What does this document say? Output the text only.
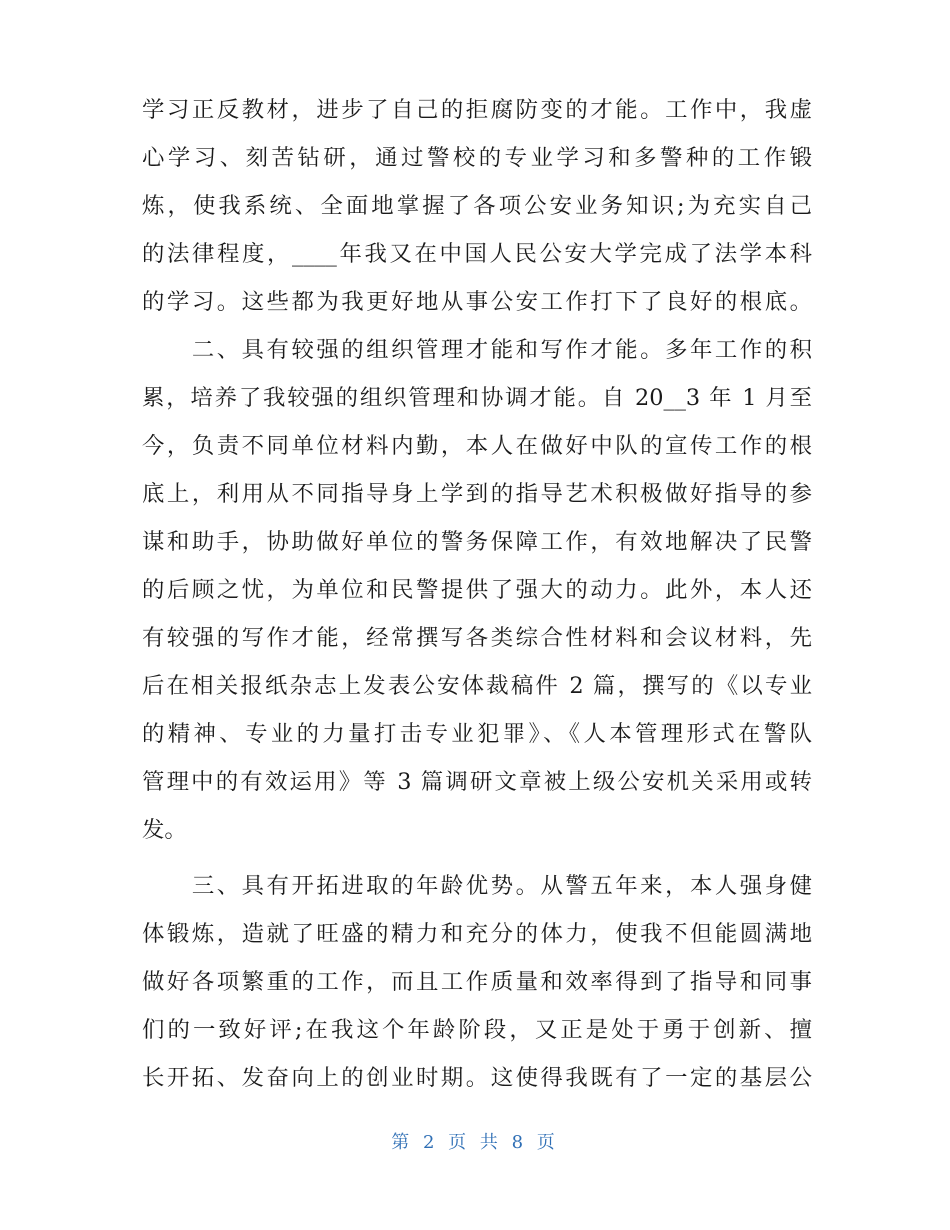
学习正反教材，进步了自己的拒腐防变的才能。工作中，我虚
心学习、刻苦钻研，通过警校的专业学习和多警种的工作锻
炼，使我系统、全面地掌握了各项公安业务知识;为充实自己
的法律程度，____年我又在中国人民公安大学完成了法学本科
的学习。这些都为我更好地从事公安工作打下了良好的根底。
　　二、具有较强的组织管理才能和写作才能。多年工作的积
累，培养了我较强的组织管理和协调才能。自 20__3 年 1 月至
今，负责不同单位材料内勤，本人在做好中队的宣传工作的根
底上，利用从不同指导身上学到的指导艺术积极做好指导的参
谋和助手，协助做好单位的警务保障工作，有效地解决了民警
的后顾之忧，为单位和民警提供了强大的动力。此外，本人还
有较强的写作才能，经常撰写各类综合性材料和会议材料，先
后在相关报纸杂志上发表公安体裁稿件 2 篇，撰写的《以专业
的精神、专业的力量打击专业犯罪》、《人本管理形式在警队
管理中的有效运用》等 3 篇调研文章被上级公安机关采用或转
发。
　　三、具有开拓进取的年龄优势。从警五年来，本人强身健
体锻炼，造就了旺盛的精力和充分的体力，使我不但能圆满地
做好各项繁重的工作，而且工作质量和效率得到了指导和同事
们的一致好评;在我这个年龄阶段，又正是处于勇于创新、擅
长开拓、发奋向上的创业时期。这使得我既有了一定的基层公
第 2 页 共 8 页
